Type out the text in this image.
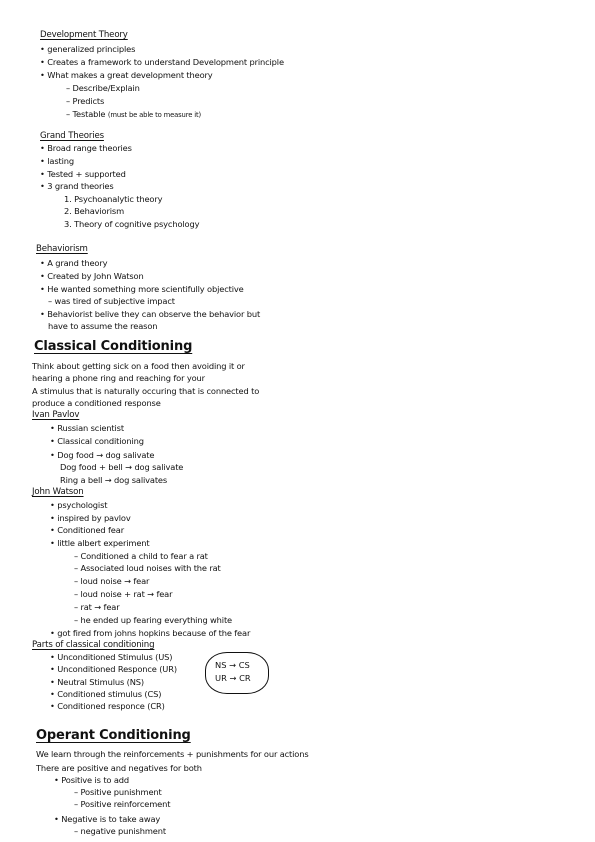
Development Theory
• generalized principles
• Creates a framework to understand Development principle
• What makes a great development theory
– Describe/Explain
– Predicts
– Testable (must be able to measure it)
Grand Theories
• Broad range theories
• lasting
• Tested + supported
• 3 grand theories
1. Psychoanalytic theory
2. Behaviorism
3. Theory of cognitive psychology
Behaviorism
• A grand theory
• Created by John Watson
• He wanted something more scientifully objective
– was tired of subjective impact
• Behaviorist belive they can observe the behavior but
have to assume the reason
Classical Conditioning
Think about getting sick on a food then avoiding it or
hearing a phone ring and reaching for your
A stimulus that is naturally occuring that is connected to
produce a conditioned response
Ivan Pavlov
• Russian scientist
• Classical conditioning
• Dog food → dog salivate
Dog food + bell → dog salivate
Ring a bell → dog salivates
John Watson
• psychologist
• inspired by pavlov
• Conditioned fear
• little albert experiment
– Conditioned a child to fear a rat
– Associated loud noises with the rat
– loud noise → fear
– loud noise + rat → fear
– rat → fear
– he ended up fearing everything white
• got fired from johns hopkins because of the fear
Parts of classical conditioning
• Unconditioned Stimulus (US)
• Unconditioned Responce (UR)
• Neutral Stimulus (NS)
• Conditioned stimulus (CS)
• Conditioned responce (CR)
NS → CS
UR → CR
Operant Conditioning
We learn through the reinforcements + punishments for our actions
There are positive and negatives for both
• Positive is to add
– Positive punishment
– Positive reinforcement
• Negative is to take away
– negative punishment
